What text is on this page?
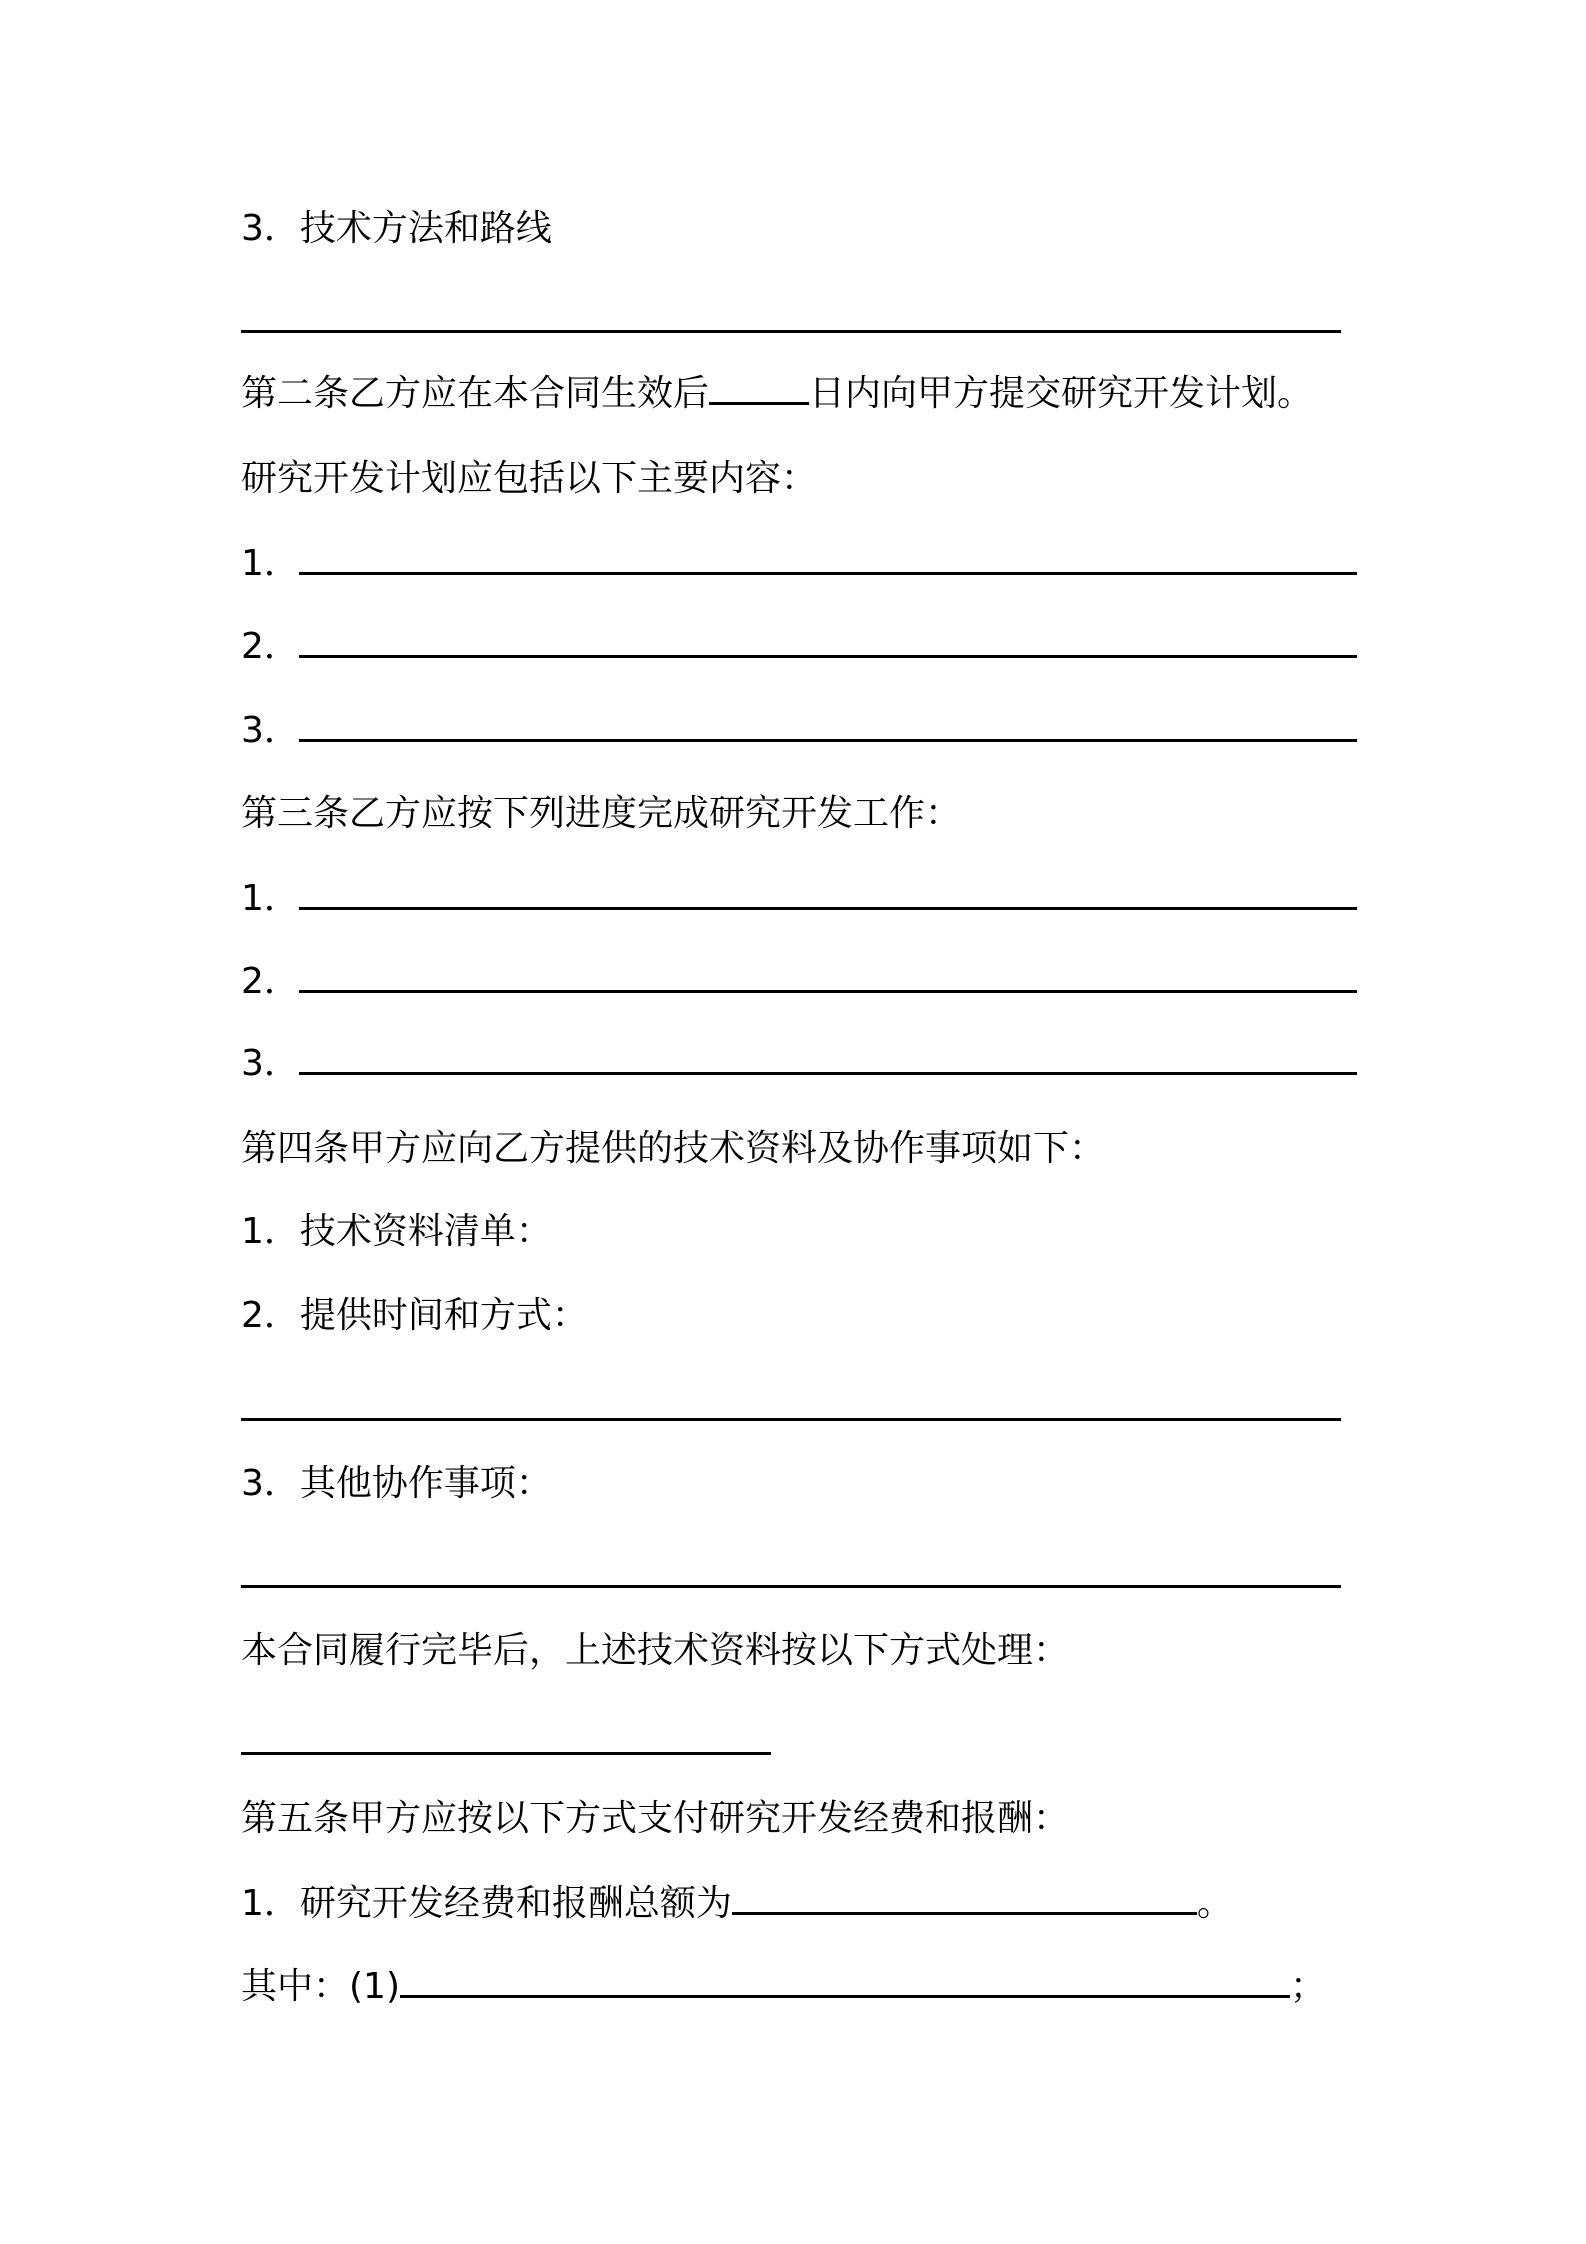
3．技术方法和路线
第二条乙方应在本合同生效后	日内向甲方提交研究开发计划。
研究开发计划应包括以下主要内容：
1．
2．
3．
第三条乙方应按下列进度完成研究开发工作：
1．
2．
3．
第四条甲方应向乙方提供的技术资料及协作事项如下：
1．技术资料清单：
2．提供时间和方式：
3．其他协作事项：
本合同履行完毕后，上述技术资料按以下方式处理：
第五条甲方应按以下方式支付研究开发经费和报酬：
1．研究开发经费和报酬总额为	。
其中：(1)	；
